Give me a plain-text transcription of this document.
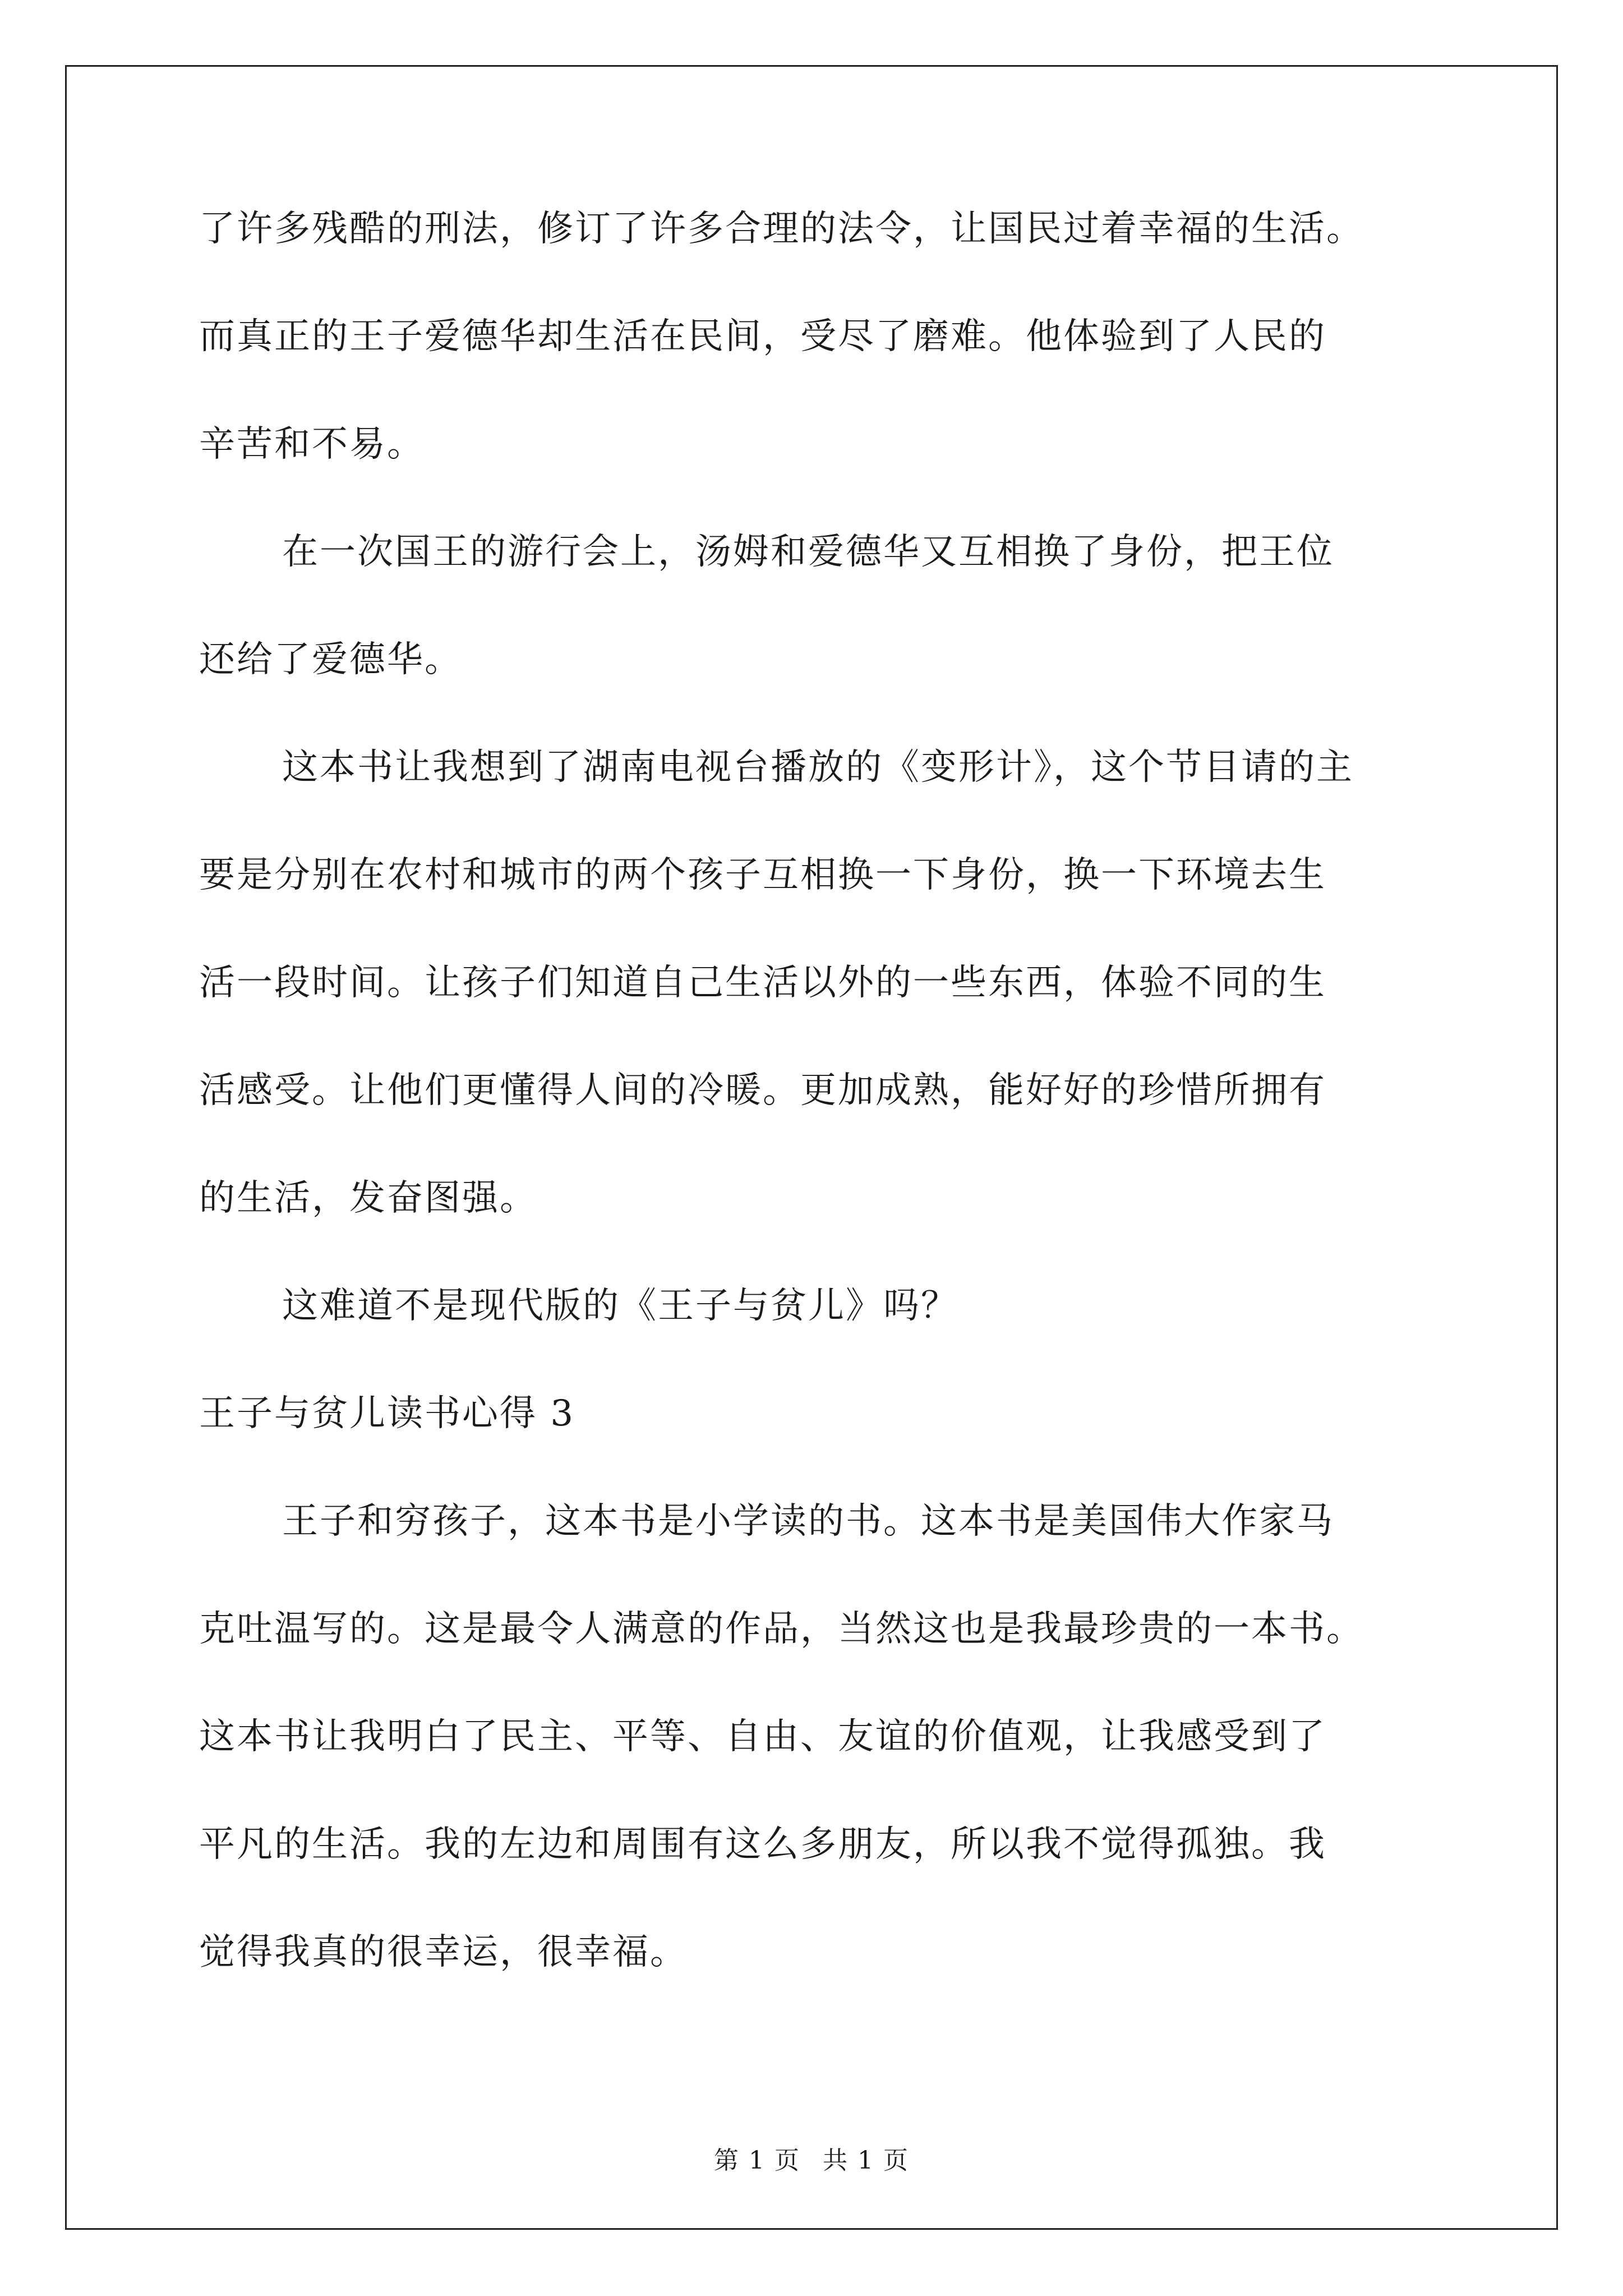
了许多残酷的刑法，修订了许多合理的法令，让国民过着幸福的生活。
而真正的王子爱德华却生活在民间，受尽了磨难。他体验到了人民的
辛苦和不易。
在一次国王的游行会上，汤姆和爱德华又互相换了身份，把王位
还给了爱德华。
这本书让我想到了湖南电视台播放的《变形计》，这个节目请的主
要是分别在农村和城市的两个孩子互相换一下身份，换一下环境去生
活一段时间。让孩子们知道自己生活以外的一些东西，体验不同的生
活感受。让他们更懂得人间的冷暖。更加成熟，能好好的珍惜所拥有
的生活，发奋图强。
这难道不是现代版的《王子与贫儿》吗？
王子与贫儿读书心得 3
王子和穷孩子，这本书是小学读的书。这本书是美国伟大作家马
克吐温写的。这是最令人满意的作品，当然这也是我最珍贵的一本书。
这本书让我明白了民主、平等、自由、友谊的价值观，让我感受到了
平凡的生活。我的左边和周围有这么多朋友，所以我不觉得孤独。我
觉得我真的很幸运，很幸福。
第 1 页 共 1 页
